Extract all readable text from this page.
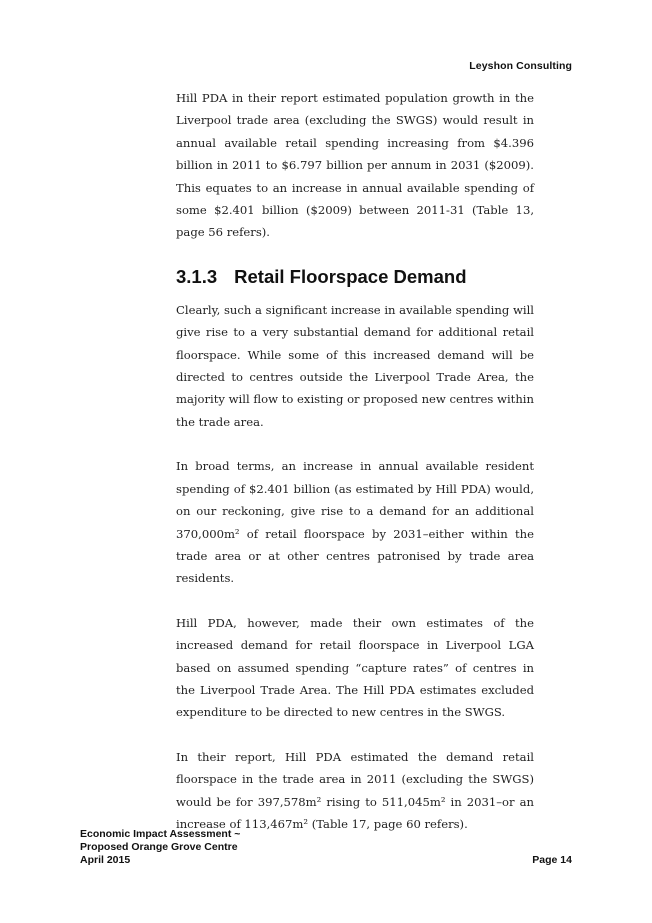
Leyshon Consulting

Hill PDA in their report estimated population growth in the Liverpool trade area (excluding the SWGS) would result in annual available retail spending increasing from $4.396 billion in 2011 to $6.797 billion per annum in 2031 ($2009). This equates to an increase in annual available spending of some $2.401 billion ($2009) between 2011-31 (Table 13, page 56 refers).

3.1.3 Retail Floorspace Demand

Clearly, such a significant increase in available spending will give rise to a very substantial demand for additional retail floorspace. While some of this increased demand will be directed to centres outside the Liverpool Trade Area, the majority will flow to existing or proposed new centres within the trade area.

In broad terms, an increase in annual available resident spending of $2.401 billion (as estimated by Hill PDA) would, on our reckoning, give rise to a demand for an additional 370,000m² of retail floorspace by 2031–either within the trade area or at other centres patronised by trade area residents.

Hill PDA, however, made their own estimates of the increased demand for retail floorspace in Liverpool LGA based on assumed spending “capture rates” of centres in the Liverpool Trade Area. The Hill PDA estimates excluded expenditure to be directed to new centres in the SWGS.

In their report, Hill PDA estimated the demand retail floorspace in the trade area in 2011 (excluding the SWGS) would be for 397,578m² rising to 511,045m² in 2031–or an increase of 113,467m² (Table 17, page 60 refers).

Economic Impact Assessment ~
Proposed Orange Grove Centre
April 2015	Page 14
